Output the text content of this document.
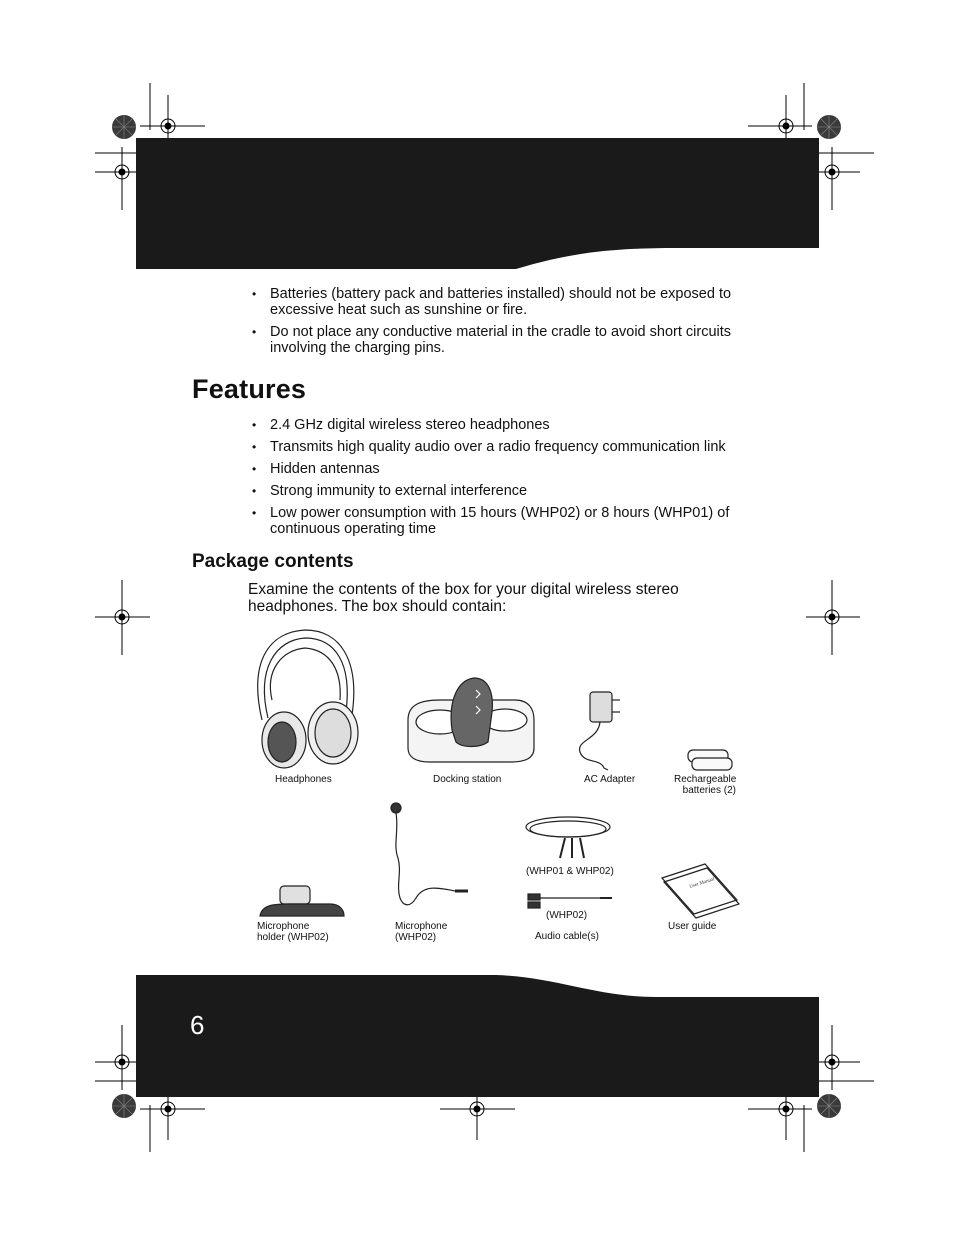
• Batteries (battery pack and batteries installed) should not be exposed to excessive heat such as sunshine or fire.
• Do not place any conductive material in the cradle to avoid short circuits involving the charging pins.
Features
• 2.4 GHz digital wireless stereo headphones
• Transmits high quality audio over a radio frequency communication link
• Hidden antennas
• Strong immunity to external interference
• Low power consumption with 15 hours (WHP02) or 8 hours (WHP01) of continuous operating time
Package contents

Examine the contents of the box for your digital wireless stereo headphones. The box should contain:

User Manual
Headphones	Docking station	AC Adapter	Rechargeable
batteries (2)
(WHP01 & WHP02)
(WHP02)
Audio cable(s)
Microphone
holder (WHP02)
Microphone
(WHP02)
User guide
6
